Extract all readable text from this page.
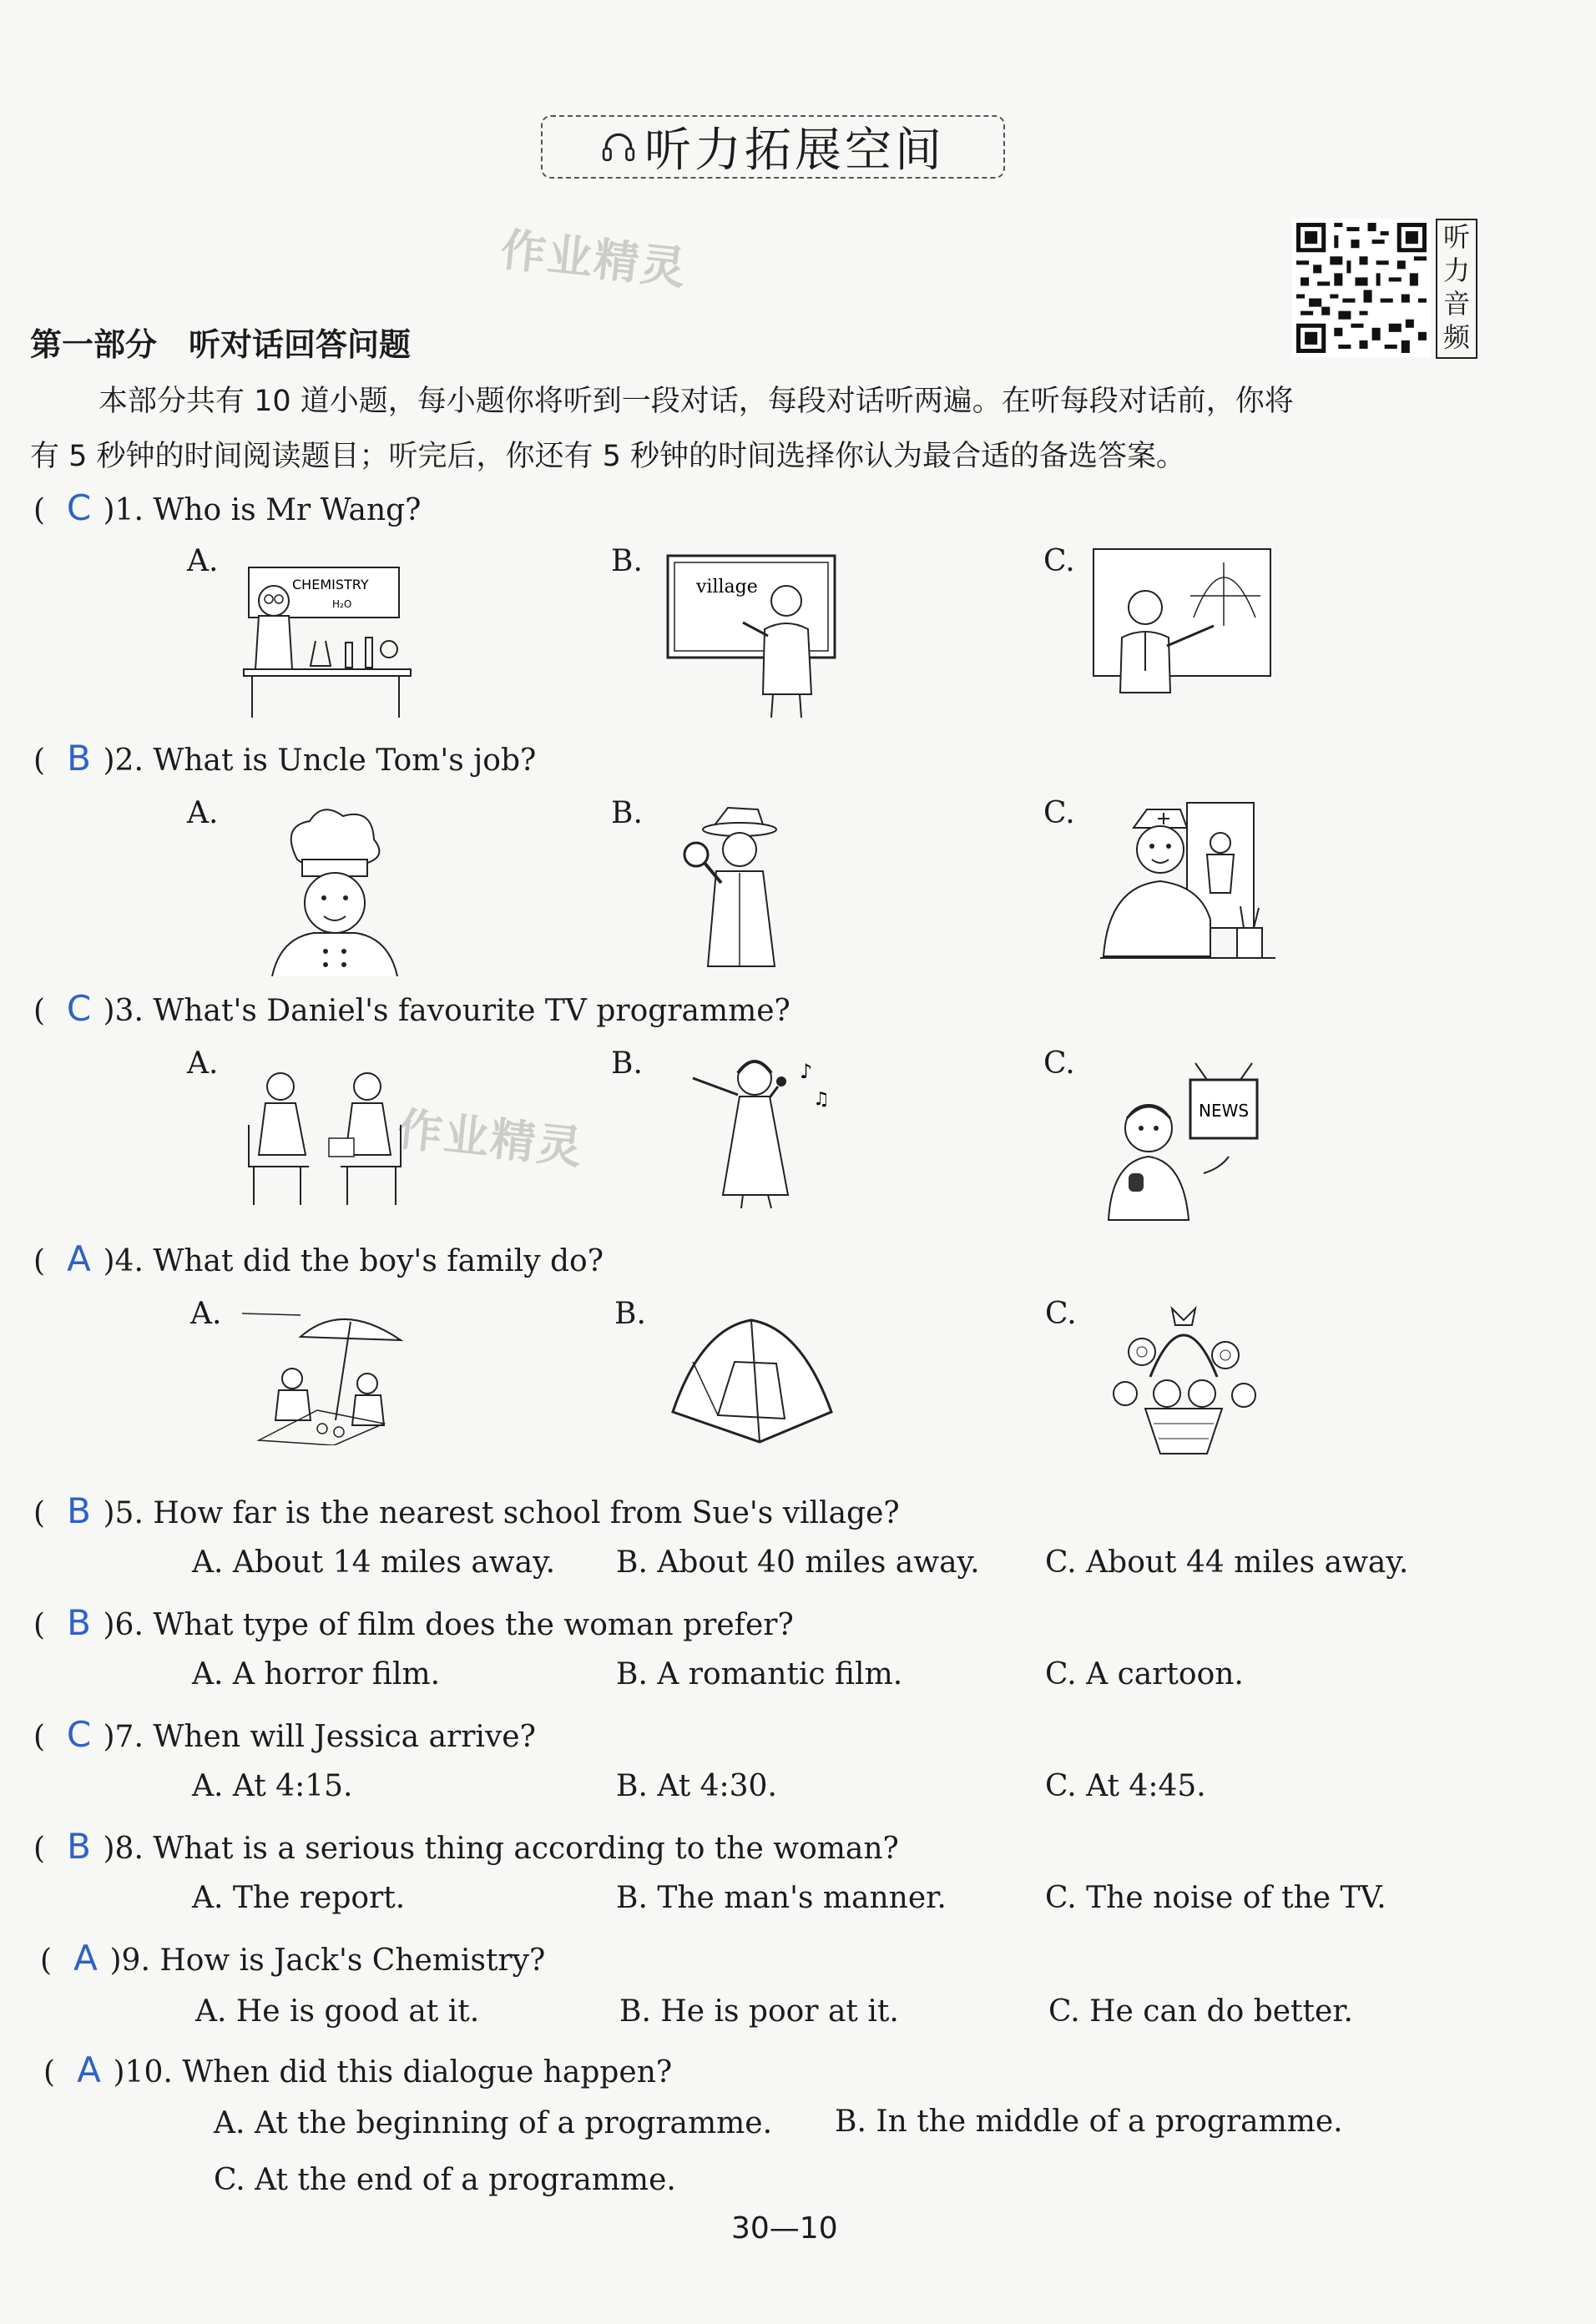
听力拓展空间
作业精灵
作业精灵
听
力
音
频
第一部分　听对话回答问题
本部分共有 10 道小题，每小题你将听到一段对话，每段对话听两遍。在听每段对话前，你将
有 5 秒钟的时间阅读题目；听完后，你还有 5 秒钟的时间选择你认为最合适的备选答案。
( C )1. Who is Mr Wang?
A.	B.	C.
CHEMISTRY
H₂O
village
( B )2. What is Uncle Tom's job?
A.	B.	C.
( C )3. What's Daniel's favourite TV programme?
A.	B.	C.
♪
♫
NEWS
( A )4. What did the boy's family do?
A.	B.	C.
( B )5. How far is the nearest school from Sue's village?
A. About 14 miles away. B. About 40 miles away. C. About 44 miles away.
( B )6. What type of film does the woman prefer?
A. A horror film.	B. A romantic film.	C. A cartoon.
( C )7. When will Jessica arrive?
A. At 4:15.	B. At 4:30.	C. At 4:45.
( B )8. What is a serious thing according to the woman?
A. The report.	B. The man's manner.	C. The noise of the TV.
( A )9. How is Jack's Chemistry?
A. He is good at it.	B. He is poor at it.	C. He can do better.
( A )10. When did this dialogue happen?
A. At the beginning of a programme. B. In the middle of a programme.
C. At the end of a programme.
30—10
